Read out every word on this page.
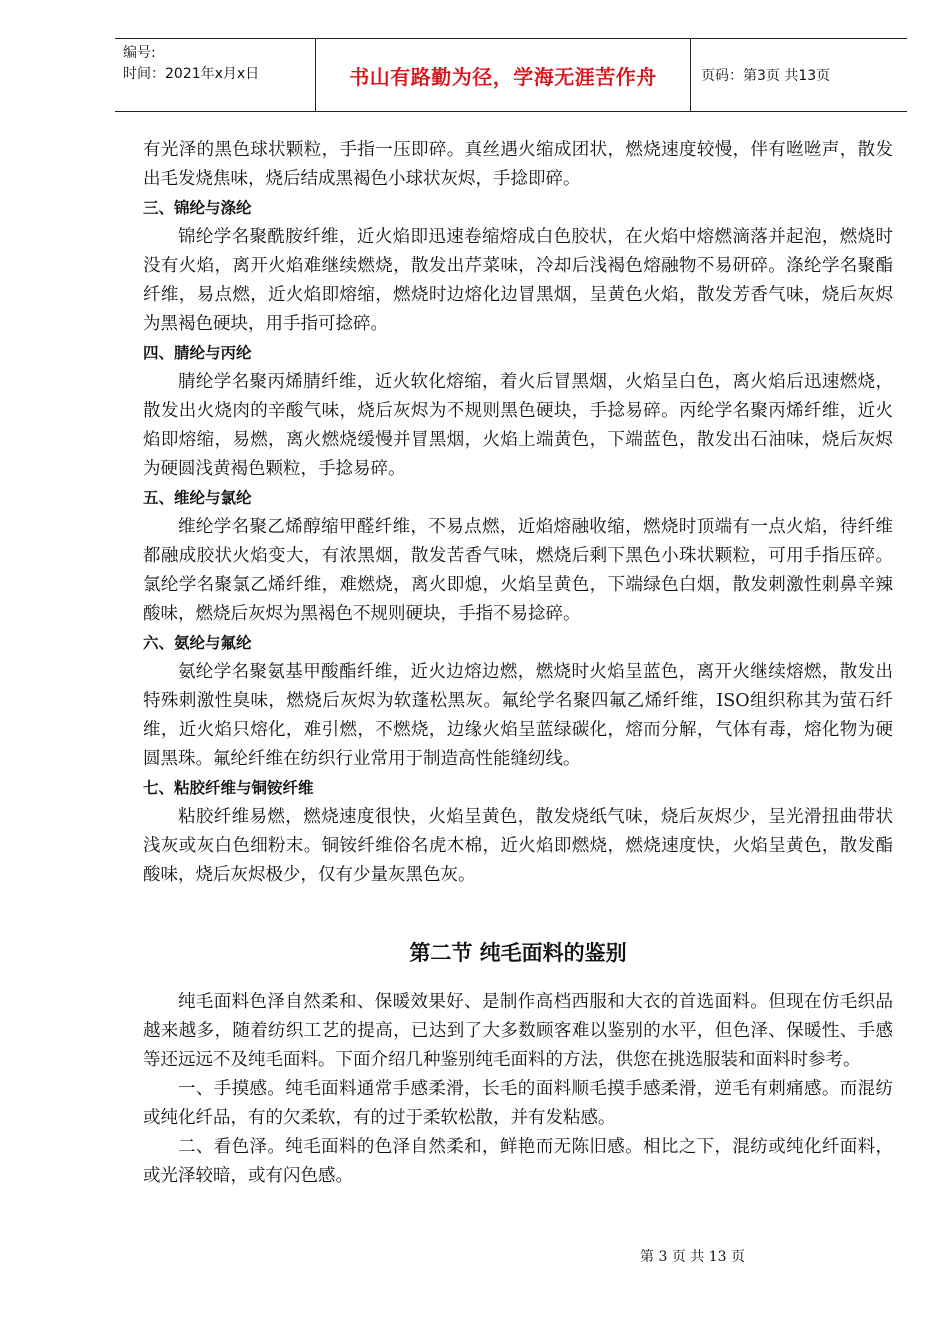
编号:
时间：2021年x月x日	书山有路勤为径，学海无涯苦作舟	页码：第3页 共13页

有光泽的黑色球状颗粒，手指一压即碎。真丝遇火缩成团状，燃烧速度较慢，伴有咝咝声，散发出毛发烧焦味，烧后结成黑褐色小球状灰烬，手捻即碎。

三、锦纶与涤纶

锦纶学名聚酰胺纤维，近火焰即迅速卷缩熔成白色胶状，在火焰中熔燃滴落并起泡，燃烧时没有火焰，离开火焰难继续燃烧，散发出芹菜味，冷却后浅褐色熔融物不易研碎。涤纶学名聚酯纤维，易点燃，近火焰即熔缩，燃烧时边熔化边冒黑烟，呈黄色火焰，散发芳香气味，烧后灰烬为黑褐色硬块，用手指可捻碎。

四、腈纶与丙纶

腈纶学名聚丙烯腈纤维，近火软化熔缩，着火后冒黑烟，火焰呈白色，离火焰后迅速燃烧，散发出火烧肉的辛酸气味，烧后灰烬为不规则黑色硬块，手捻易碎。丙纶学名聚丙烯纤维，近火焰即熔缩，易燃，离火燃烧缓慢并冒黑烟，火焰上端黄色，下端蓝色，散发出石油味，烧后灰烬为硬圆浅黄褐色颗粒，手捻易碎。

五、维纶与氯纶

维纶学名聚乙烯醇缩甲醛纤维，不易点燃，近焰熔融收缩，燃烧时顶端有一点火焰，待纤维都融成胶状火焰变大，有浓黑烟，散发苦香气味，燃烧后剩下黑色小珠状颗粒，可用手指压碎。氯纶学名聚氯乙烯纤维，难燃烧，离火即熄，火焰呈黄色，下端绿色白烟，散发刺激性刺鼻辛辣酸味，燃烧后灰烬为黑褐色不规则硬块，手指不易捻碎。

六、氨纶与氟纶

氨纶学名聚氨基甲酸酯纤维，近火边熔边燃，燃烧时火焰呈蓝色，离开火继续熔燃，散发出特殊刺激性臭味，燃烧后灰烬为软蓬松黑灰。氟纶学名聚四氟乙烯纤维，ISO组织称其为萤石纤维，近火焰只熔化，难引燃，不燃烧，边缘火焰呈蓝绿碳化，熔而分解，气体有毒，熔化物为硬圆黑珠。氟纶纤维在纺织行业常用于制造高性能缝纫线。

七、粘胶纤维与铜铵纤维

粘胶纤维易燃，燃烧速度很快，火焰呈黄色，散发烧纸气味，烧后灰烬少，呈光滑扭曲带状浅灰或灰白色细粉末。铜铵纤维俗名虎木棉，近火焰即燃烧，燃烧速度快，火焰呈黄色，散发酯酸味，烧后灰烬极少，仅有少量灰黑色灰。

第二节 纯毛面料的鉴别

纯毛面料色泽自然柔和、保暖效果好、是制作高档西服和大衣的首选面料。但现在仿毛织品越来越多，随着纺织工艺的提高，已达到了大多数顾客难以鉴别的水平，但色泽、保暖性、手感等还远远不及纯毛面料。下面介绍几种鉴别纯毛面料的方法，供您在挑选服装和面料时参考。

一、手摸感。纯毛面料通常手感柔滑，长毛的面料顺毛摸手感柔滑，逆毛有刺痛感。而混纺或纯化纤品，有的欠柔软，有的过于柔软松散，并有发粘感。

二、看色泽。纯毛面料的色泽自然柔和，鲜艳而无陈旧感。相比之下，混纺或纯化纤面料，或光泽较暗，或有闪色感。

第 3 页 共 13 页
